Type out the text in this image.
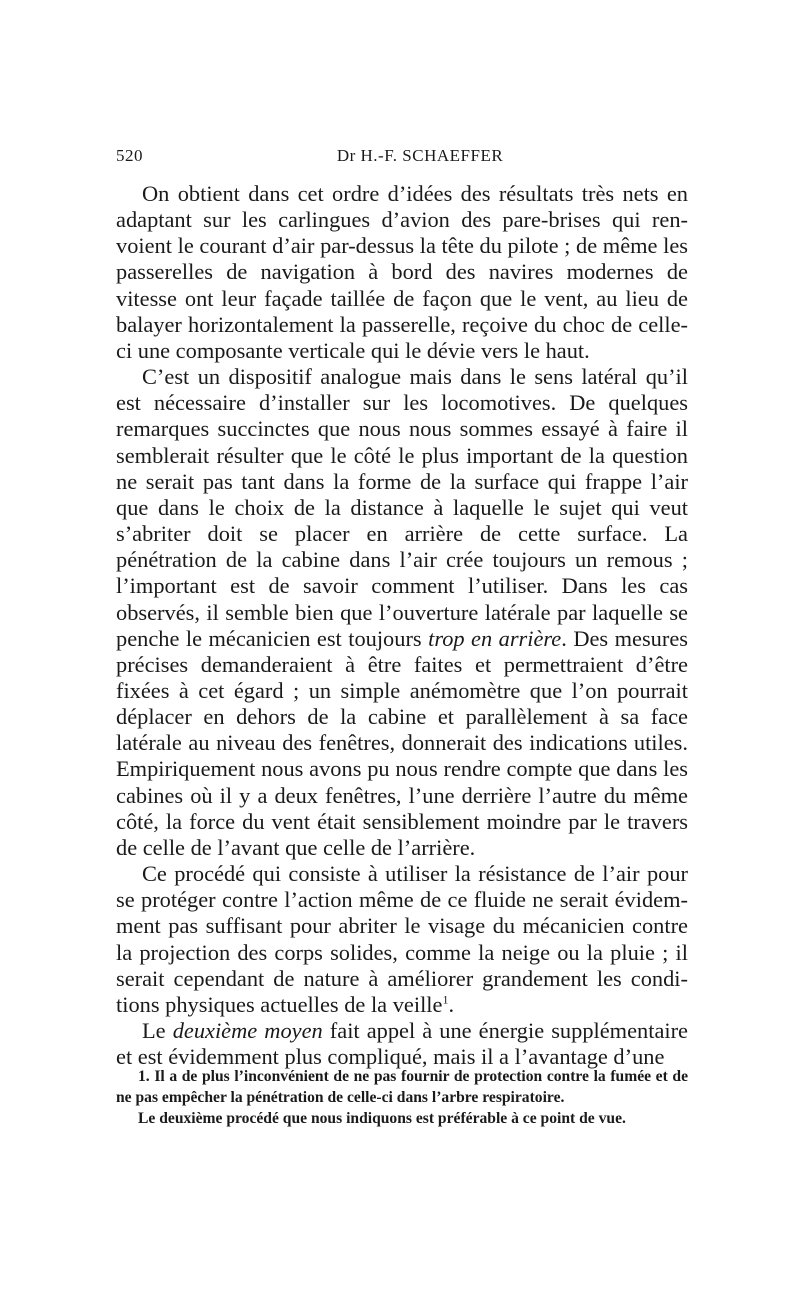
520	Dr H.-F. SCHAEFFER

On obtient dans cet ordre d’idées des résultats très nets en adaptant sur les carlingues d’avion des pare-brises qui renvoient le courant d’air par-dessus la tête du pilote ; de même les passerelles de navigation à bord des navires modernes de vitesse ont leur façade taillée de façon que le vent, au lieu de balayer horizontalement la passerelle, reçoive du choc de celle-ci une composante verticale qui le dévie vers le haut.

C’est un dispositif analogue mais dans le sens latéral qu’il est nécessaire d’installer sur les locomotives. De quelques remarques succinctes que nous nous sommes essayé à faire il semblerait résulter que le côté le plus important de la question ne serait pas tant dans la forme de la surface qui frappe l’air que dans le choix de la distance à laquelle le sujet qui veut s’abriter doit se placer en arrière de cette surface. La pénétration de la cabine dans l’air crée toujours un remous ; l’important est de savoir comment l’utiliser. Dans les cas observés, il semble bien que l’ouverture latérale par laquelle se penche le mécanicien est toujours trop en arrière. Des mesures précises demanderaient à être faites et permettraient d’être fixées à cet égard ; un simple anémomètre que l’on pourrait déplacer en dehors de la cabine et parallèlement à sa face latérale au niveau des fenêtres, donnerait des indications utiles. Empiriquement nous avons pu nous rendre compte que dans les cabines où il y a deux fenêtres, l’une derrière l’autre du même côté, la force du vent était sensiblement moindre par le travers de celle de l’avant que celle de l’arrière.

Ce procédé qui consiste à utiliser la résistance de l’air pour se protéger contre l’action même de ce fluide ne serait évidemment pas suffisant pour abriter le visage du mécanicien contre la projection des corps solides, comme la neige ou la pluie ; il serait cependant de nature à améliorer grandement les conditions physiques actuelles de la veille$^1$.

Le deuxième moyen fait appel à une énergie supplémentaire et est évidemment plus compliqué, mais il a l’avantage d’une

1. Il a de plus l’inconvénient de ne pas fournir de protection contre la fumée et de ne pas empêcher la pénétration de celle-ci dans l’arbre respiratoire.

Le deuxième procédé que nous indiquons est préférable à ce point de vue.
